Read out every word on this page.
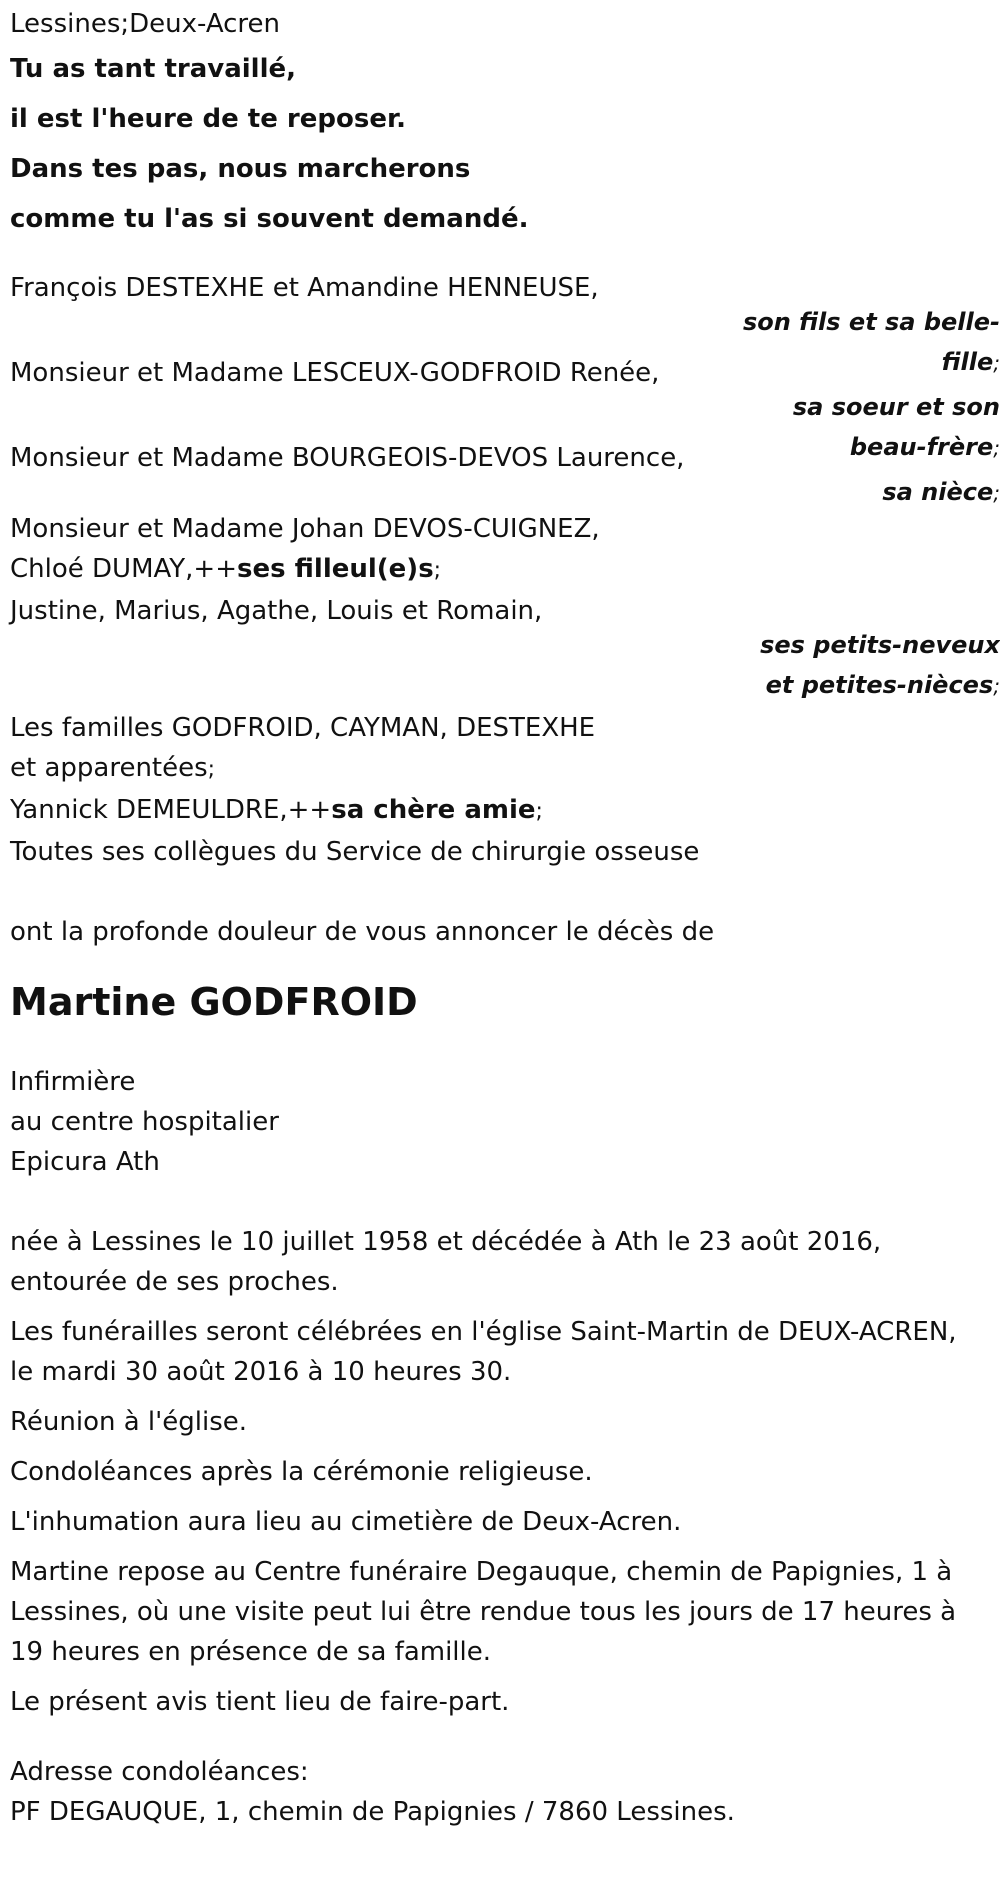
Lessines;Deux-Acren

Tu as tant travaillé,

il est l'heure de te reposer.

Dans tes pas, nous marcherons

comme tu l'as si souvent demandé.

François DESTEXHE et Amandine HENNEUSE,
son fils et sa belle-
fille;
Monsieur et Madame LESCEUX-GODFROID Renée,
sa soeur et son
beau-frère;
Monsieur et Madame BOURGEOIS-DEVOS Laurence,
sa nièce;
Monsieur et Madame Johan DEVOS-CUIGNEZ,
Chloé DUMAY,++ses filleul(e)s;
Justine, Marius, Agathe, Louis et Romain,
ses petits-neveux
et petites-nièces;
Les familles GODFROID, CAYMAN, DESTEXHE
et apparentées;
Yannick DEMEULDRE,++sa chère amie;
Toutes ses collègues du Service de chirurgie osseuse
ont la profonde douleur de vous annoncer le décès de
Martine GODFROID
Infirmière
au centre hospitalier
Epicura Ath
née à Lessines le 10 juillet 1958 et décédée à Ath le 23 août 2016,
entourée de ses proches.
Les funérailles seront célébrées en l'église Saint-Martin de DEUX-ACREN,
le mardi 30 août 2016 à 10 heures 30.
Réunion à l'église.
Condoléances après la cérémonie religieuse.
L'inhumation aura lieu au cimetière de Deux-Acren.
Martine repose au Centre funéraire Degauque, chemin de Papignies, 1 à
Lessines, où une visite peut lui être rendue tous les jours de 17 heures à
19 heures en présence de sa famille.
Le présent avis tient lieu de faire-part.
Adresse condoléances:
PF DEGAUQUE, 1, chemin de Papignies / 7860 Lessines.
